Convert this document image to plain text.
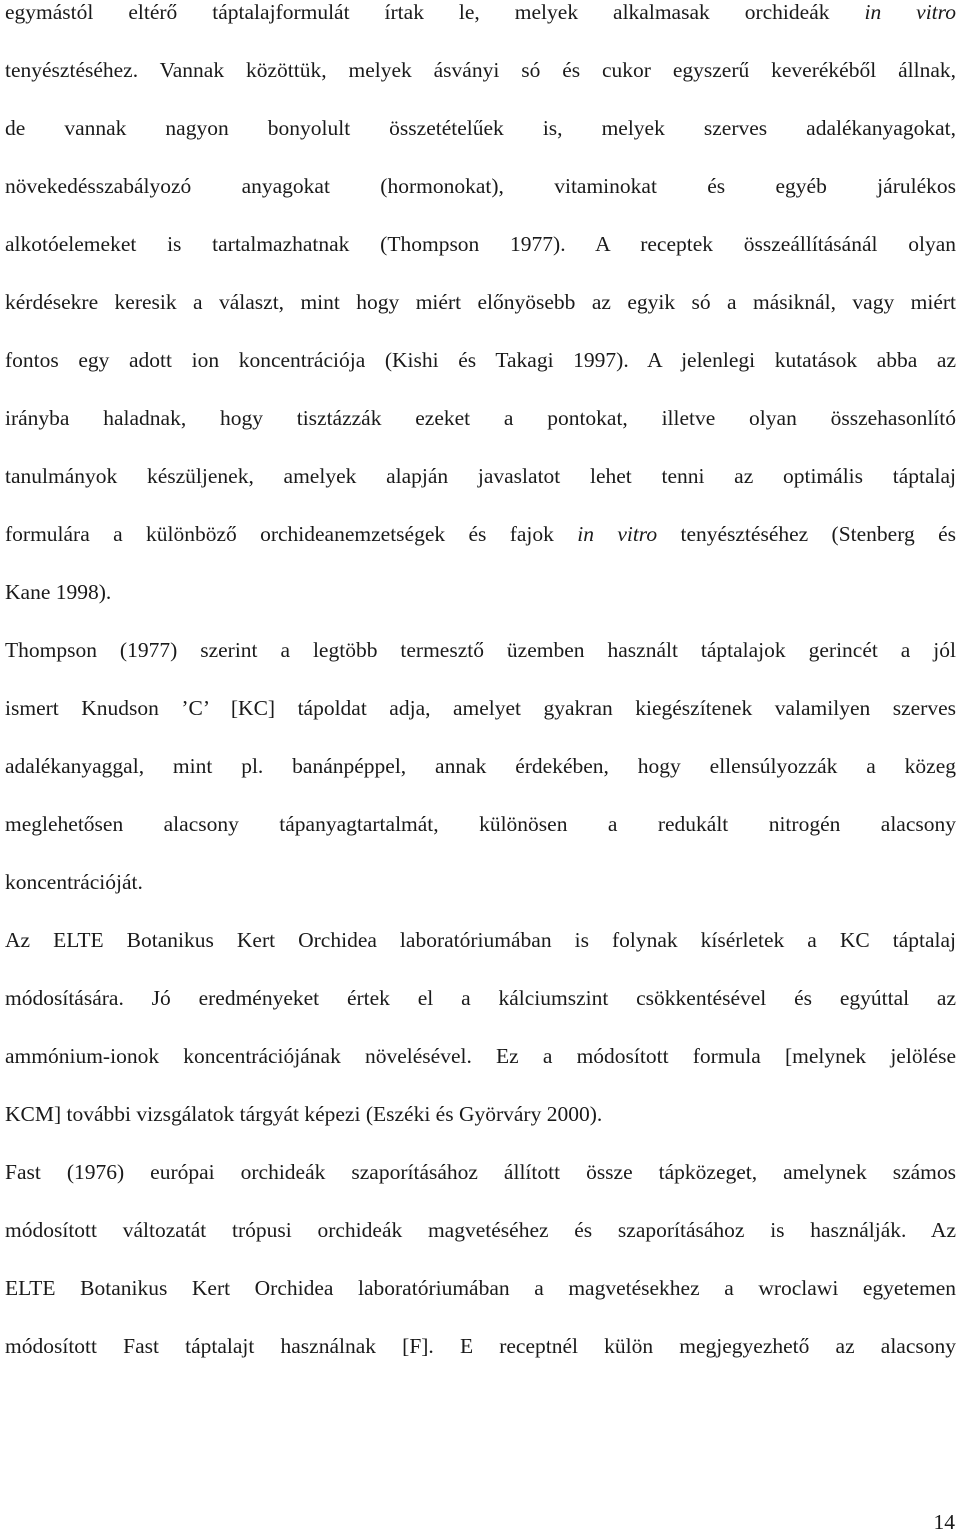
egymástól eltérő táptalajformulát írtak le, melyek alkalmasak orchideák in vitro
tenyésztéséhez. Vannak közöttük, melyek ásványi só és cukor egyszerű keverékéből állnak,
de vannak nagyon bonyolult összetételűek is, melyek szerves adalékanyagokat,
növekedésszabályozó anyagokat (hormonokat), vitaminokat és egyéb járulékos
alkotóelemeket is tartalmazhatnak (Thompson 1977). A receptek összeállításánál olyan
kérdésekre keresik a választ, mint hogy miért előnyösebb az egyik só a másiknál, vagy miért
fontos egy adott ion koncentrációja (Kishi és Takagi 1997). A jelenlegi kutatások abba az
irányba haladnak, hogy tisztázzák ezeket a pontokat, illetve olyan összehasonlító
tanulmányok készüljenek, amelyek alapján javaslatot lehet tenni az optimális táptalaj
formulára a különböző orchideanemzetségek és fajok in vitro tenyésztéséhez (Stenberg és
Kane 1998).
Thompson (1977) szerint a legtöbb termesztő üzemben használt táptalajok gerincét a jól
ismert Knudson ’C’ [KC] tápoldat adja, amelyet gyakran kiegészítenek valamilyen szerves
adalékanyaggal, mint pl. banánpéppel, annak érdekében, hogy ellensúlyozzák a közeg
meglehetősen alacsony tápanyagtartalmát, különösen a redukált nitrogén alacsony
koncentrációját.
Az ELTE Botanikus Kert Orchidea laboratóriumában is folynak kísérletek a KC táptalaj
módosítására. Jó eredményeket értek el a kálciumszint csökkentésével és egyúttal az
ammónium-ionok koncentrációjának növelésével. Ez a módosított formula [melynek jelölése
KCM] további vizsgálatok tárgyát képezi (Eszéki és Györváry 2000).
Fast (1976) európai orchideák szaporításához állított össze tápközeget, amelynek számos
módosított változatát trópusi orchideák magvetéséhez és szaporításához is használják. Az
ELTE Botanikus Kert Orchidea laboratóriumában a magvetésekhez a wroclawi egyetemen
módosított Fast táptalajt használnak [F]. E receptnél külön megjegyezhető az alacsony
14
